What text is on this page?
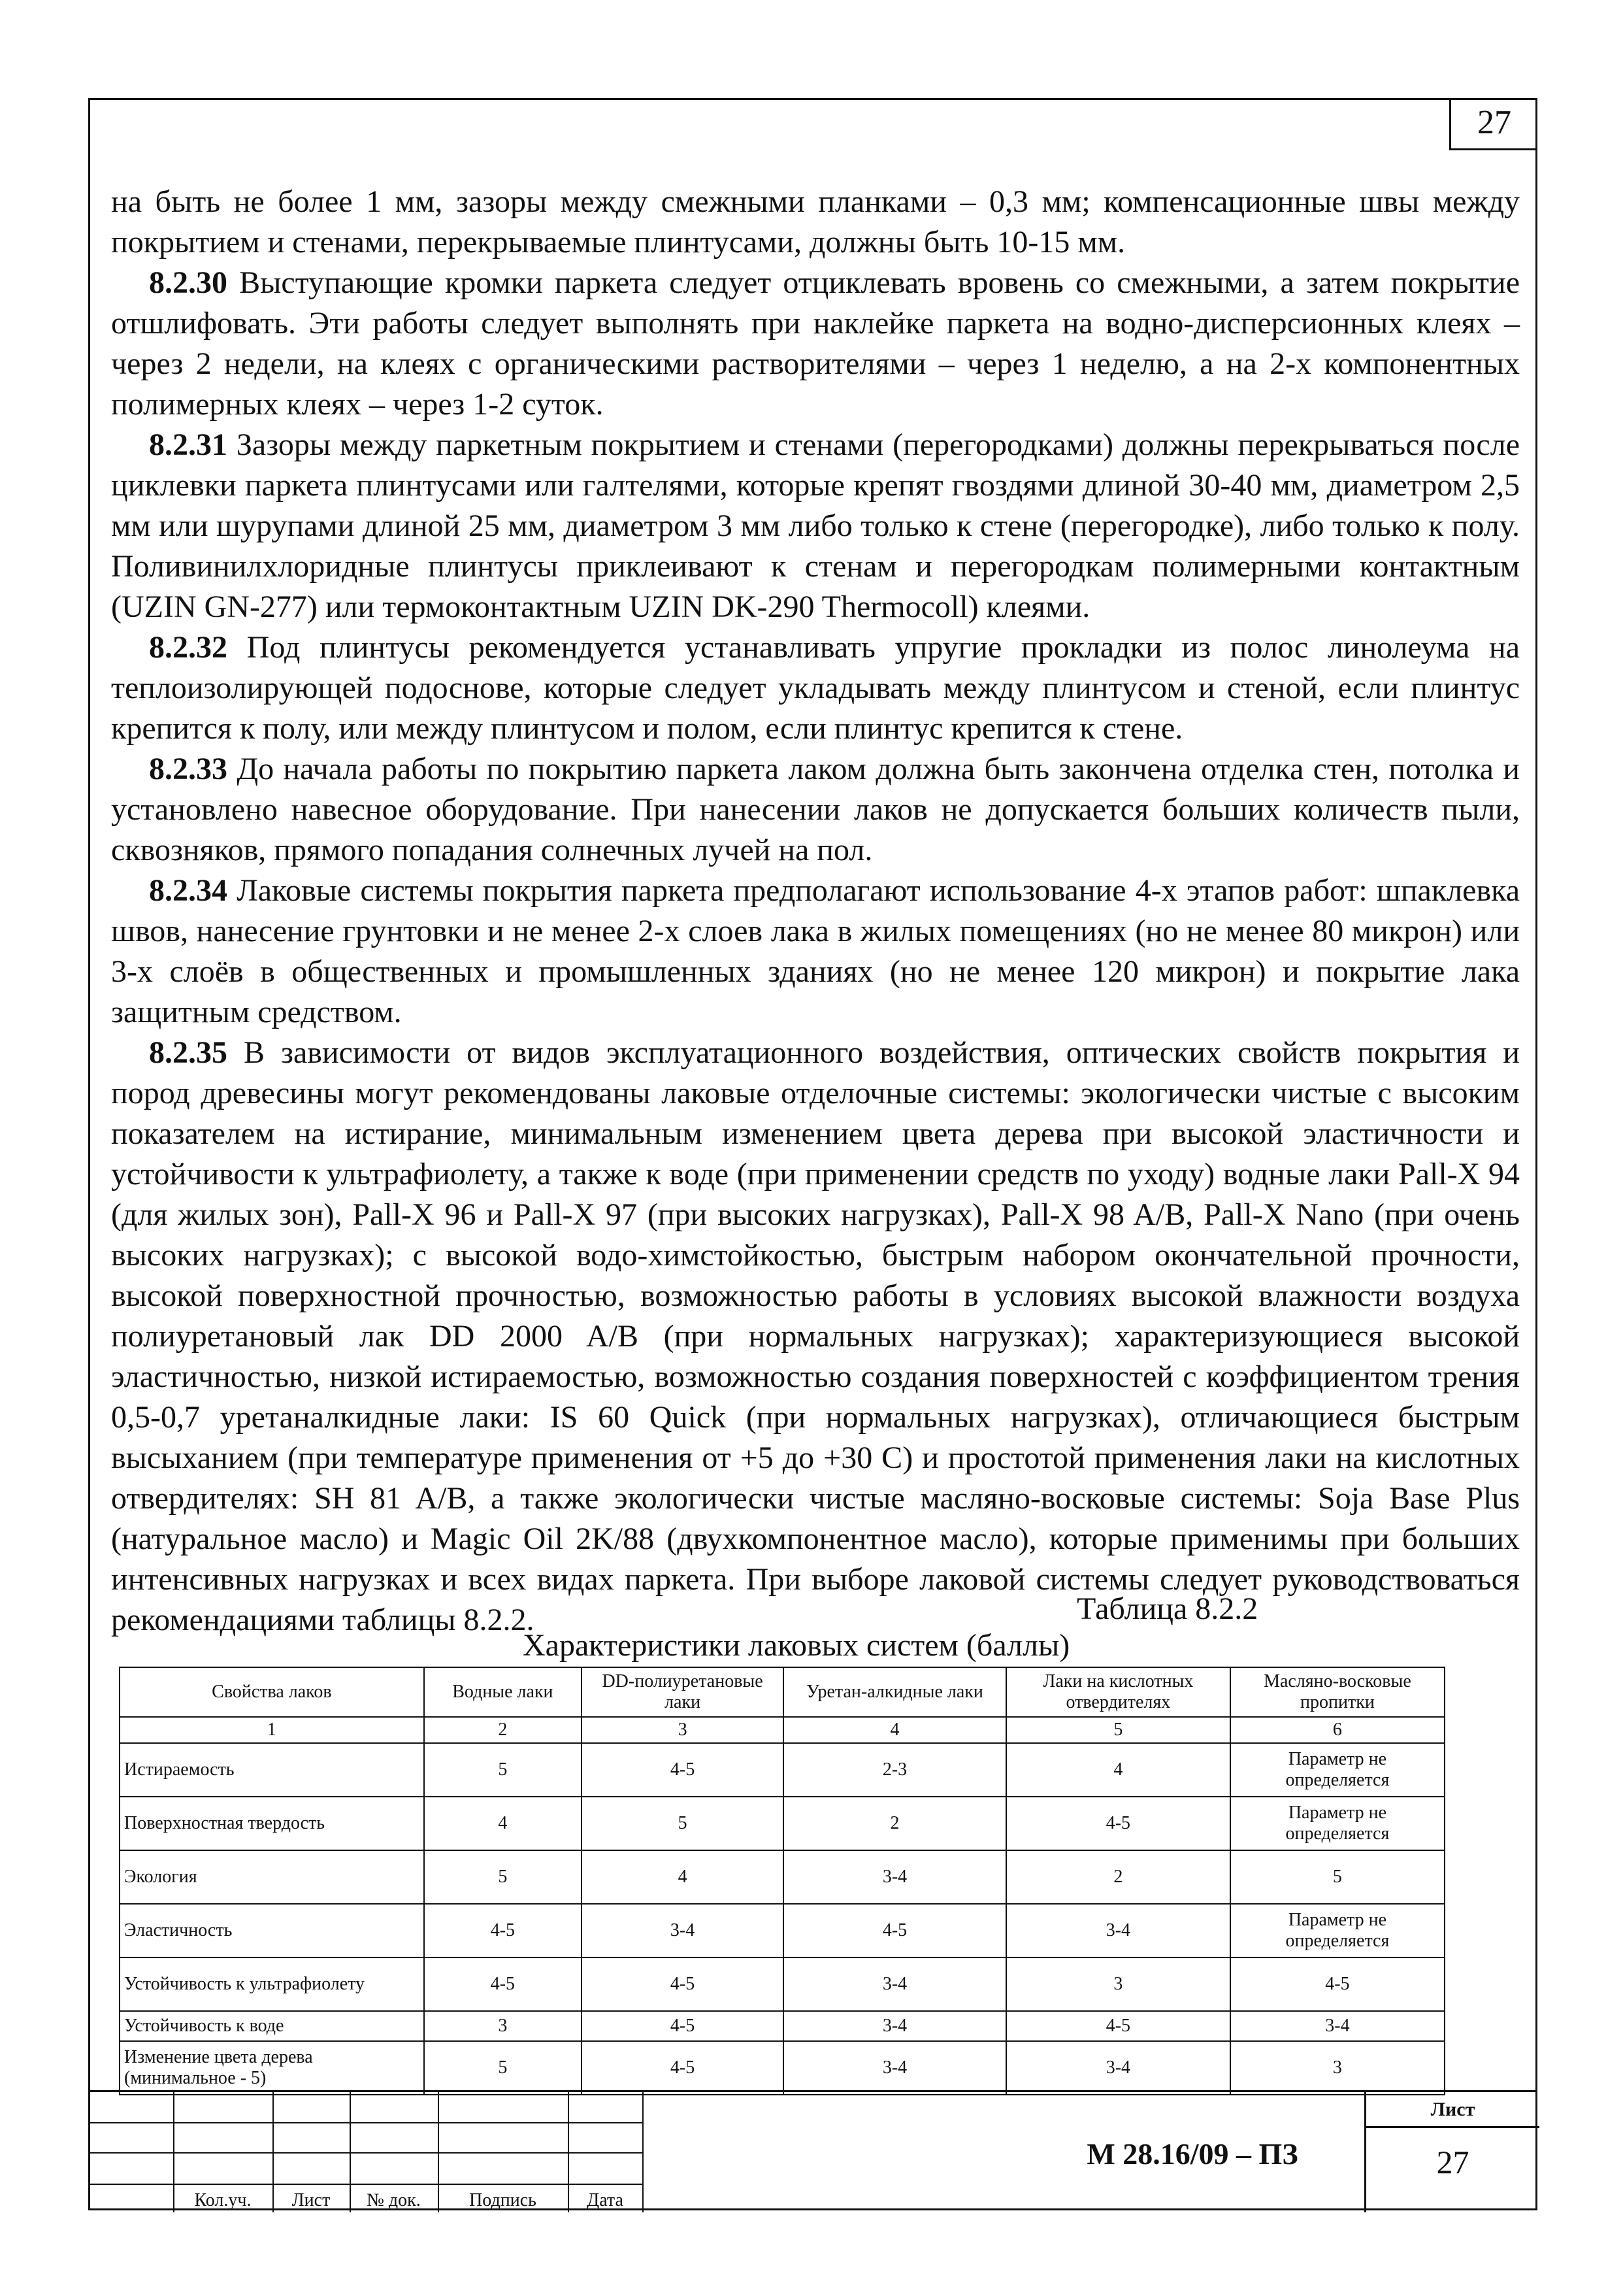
27

на быть не более 1 мм, зазоры между смежными планками – 0,3 мм; компенсационные швы между покрытием и стенами, перекрываемые плинтусами, должны быть 10-15 мм.

8.2.30 Выступающие кромки паркета следует отциклевать вровень со смежными, а затем покрытие отшлифовать. Эти работы следует выполнять при наклейке паркета на водно-дисперсионных клеях – через 2 недели, на клеях с органическими растворителями – через 1 неделю, а на 2-х компонентных полимерных клеях – через 1-2 суток.

8.2.31 Зазоры между паркетным покрытием и стенами (перегородками) должны перекрываться после циклевки паркета плинтусами или галтелями, которые крепят гвоздями длиной 30-40 мм, диаметром 2,5 мм или шурупами длиной 25 мм, диаметром 3 мм либо только к стене (перегородке), либо только к полу. Поливинилхлоридные плинтусы приклеивают к стенам и перегородкам полимерными контактным (UZIN GN-277) или термоконтактным UZIN DK-290 Thermocoll) клеями.

8.2.32 Под плинтусы рекомендуется устанавливать упругие прокладки из полос линолеума на теплоизолирующей подоснове, которые следует укладывать между плинтусом и стеной, если плинтус крепится к полу, или между плинтусом и полом, если плинтус крепится к стене.

8.2.33 До начала работы по покрытию паркета лаком должна быть закончена отделка стен, потолка и установлено навесное оборудование. При нанесении лаков не допускается больших количеств пыли, сквозняков, прямого попадания солнечных лучей на пол.

8.2.34 Лаковые системы покрытия паркета предполагают использование 4-х этапов работ: шпаклевка швов, нанесение грунтовки и не менее 2-х слоев лака в жилых помещениях (но не менее 80 микрон) или 3-х слоёв в общественных и промышленных зданиях (но не менее 120 микрон) и покрытие лака защитным средством.

8.2.35 В зависимости от видов эксплуатационного воздействия, оптических свойств покрытия и пород древесины могут рекомендованы лаковые отделочные системы: экологически чистые с высоким показателем на истирание, минимальным изменением цвета дерева при высокой эластичности и устойчивости к ультрафиолету, а также к воде (при применении средств по уходу) водные лаки Pall-X 94 (для жилых зон), Pall-X 96 и Pall-X 97 (при высоких нагрузках), Pall-X 98 A/B, Pall-X Nano (при очень высоких нагрузках); с высокой водо-химстойкостью, быстрым набором окончательной прочности, высокой поверхностной прочностью, возможностью работы в условиях высокой влажности воздуха полиуретановый лак DD 2000 A/B (при нормальных нагрузках); характеризующиеся высокой эластичностью, низкой истираемостью, возможностью создания поверхностей с коэффициентом трения 0,5-0,7 уретаналкидные лаки: IS 60 Quick (при нормальных нагрузках), отличающиеся быстрым высыханием (при температуре применения от +5 до +30 С) и простотой применения лаки на кислотных отвердителях: SH 81 A/B, а также экологически чистые масляно-восковые системы: Soja Base Plus (натуральное масло) и Magic Oil 2K/88 (двухкомпонентное масло), которые применимы при больших интенсивных нагрузках и всех видах паркета. При выборе лаковой системы следует руководствоваться рекомендациями таблицы 8.2.2.	Таблица 8.2.2
Характеристики лаковых систем (баллы)
Свойства лаков	Водные лаки	DD-полиуретановые лаки	Уретан-алкидные лаки	Лаки на кислотных отвердителях	Масляно-восковые пропитки
1	2	3	4	5	6
Истираемость	5	4-5	2-3	4	Параметр не определяется
Поверхностная твердость	4	5	2	4-5	Параметр не определяется
Экология	5	4	3-4	2	5
Эластичность	4-5	3-4	4-5	3-4	Параметр не определяется
Устойчивость к ультрафиолету	4-5	4-5	3-4	3	4-5
Устойчивость к воде	3	4-5	3-4	4-5	3-4
Изменение цвета дерева (минимальное - 5)	5	4-5	3-4	3-4	3
Кол.уч.	Лист	№ док.	Подпись	Дата
М 28.16/09 – ПЗ
Лист
27
